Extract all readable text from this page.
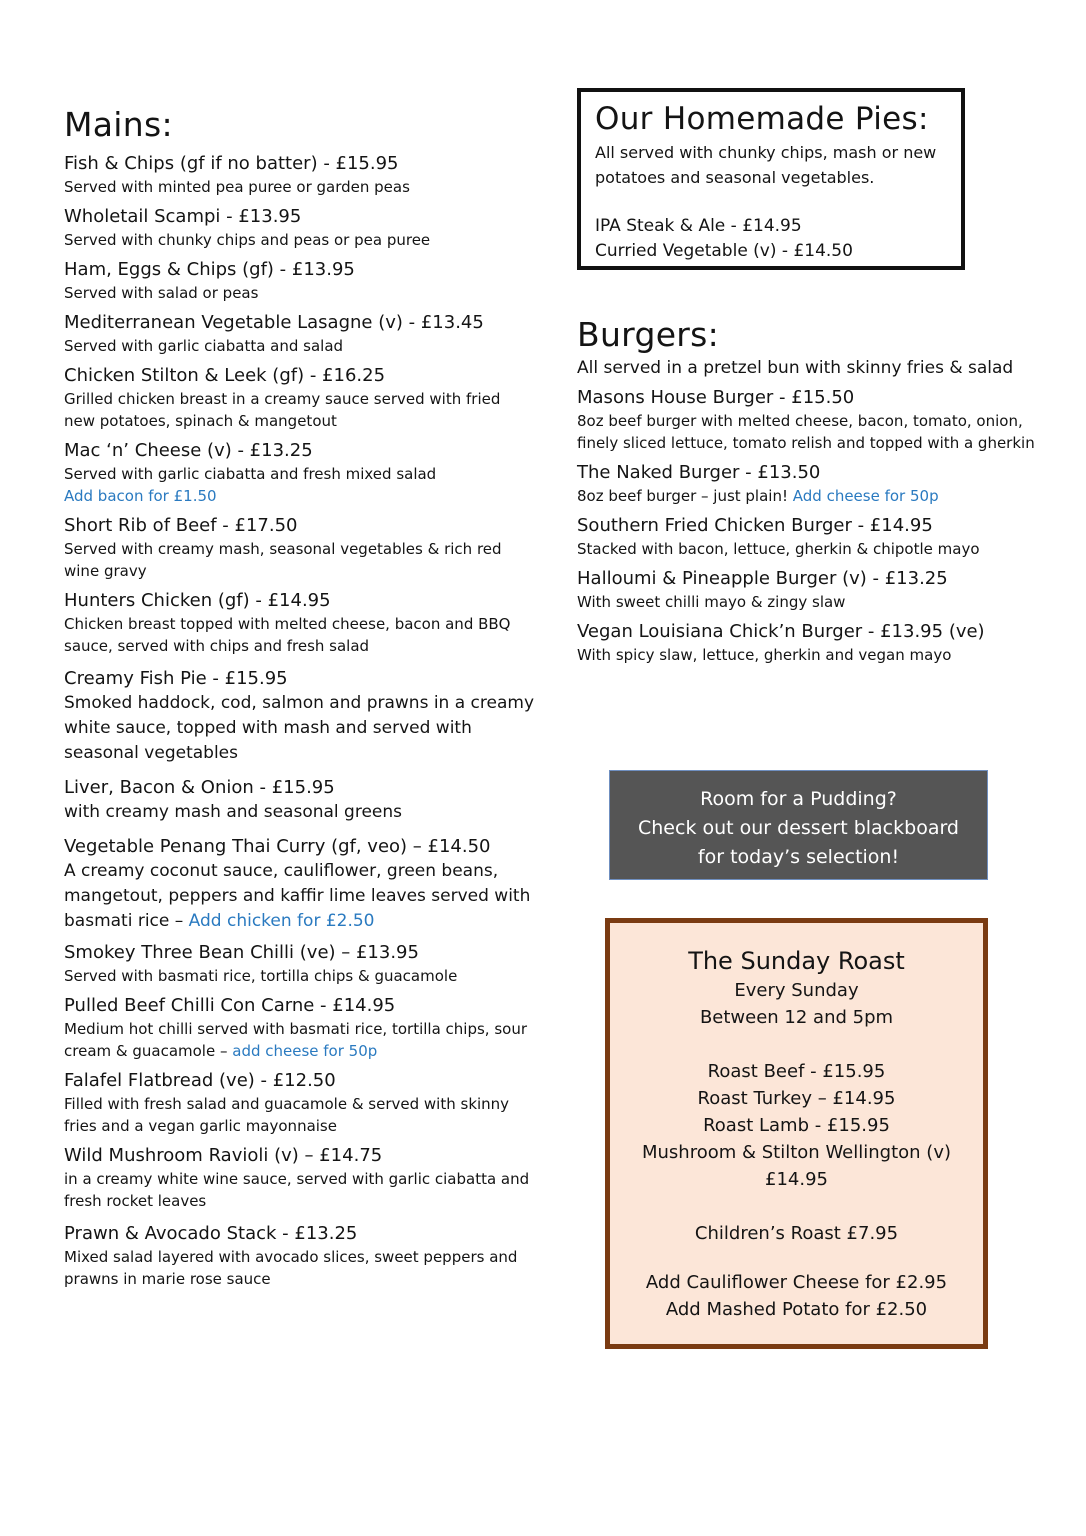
Mains:
Fish & Chips (gf if no batter) - £15.95
Served with minted pea puree or garden peas
Wholetail Scampi - £13.95
Served with chunky chips and peas or pea puree
Ham, Eggs & Chips (gf) - £13.95
Served with salad or peas
Mediterranean Vegetable Lasagne (v) - £13.45
Served with garlic ciabatta and salad
Chicken Stilton & Leek (gf) - £16.25
Grilled chicken breast in a creamy sauce served with fried new potatoes, spinach & mangetout
Mac ‘n’ Cheese (v) - £13.25
Served with garlic ciabatta and fresh mixed salad
Add bacon for £1.50
Short Rib of Beef - £17.50
Served with creamy mash, seasonal vegetables & rich red wine gravy
Hunters Chicken (gf) - £14.95
Chicken breast topped with melted cheese, bacon and BBQ sauce, served with chips and fresh salad
Creamy Fish Pie - £15.95
Smoked haddock, cod, salmon and prawns in a creamy white sauce, topped with mash and served with seasonal vegetables
Liver, Bacon & Onion - £15.95
with creamy mash and seasonal greens
Vegetable Penang Thai Curry (gf, veo) – £14.50
A creamy coconut sauce, cauliflower, green beans, mangetout, peppers and kaffir lime leaves served with basmati rice – Add chicken for £2.50
Smokey Three Bean Chilli (ve) – £13.95
Served with basmati rice, tortilla chips & guacamole
Pulled Beef Chilli Con Carne - £14.95
Medium hot chilli served with basmati rice, tortilla chips, sour cream & guacamole – add cheese for 50p
Falafel Flatbread (ve) - £12.50
Filled with fresh salad and guacamole & served with skinny fries and a vegan garlic mayonnaise
Wild Mushroom Ravioli (v) – £14.75
in a creamy white wine sauce, served with garlic ciabatta and fresh rocket leaves
Prawn & Avocado Stack - £13.25
Mixed salad layered with avocado slices, sweet peppers and prawns in marie rose sauce
Our Homemade Pies:
All served with chunky chips, mash or new potatoes and seasonal vegetables.
IPA Steak & Ale - £14.95
Curried Vegetable (v) - £14.50
Burgers:
All served in a pretzel bun with skinny fries & salad
Masons House Burger - £15.50
8oz beef burger with melted cheese, bacon, tomato, onion, finely sliced lettuce, tomato relish and topped with a gherkin
The Naked Burger - £13.50
8oz beef burger – just plain! Add cheese for 50p
Southern Fried Chicken Burger - £14.95
Stacked with bacon, lettuce, gherkin & chipotle mayo
Halloumi & Pineapple Burger (v) - £13.25
With sweet chilli mayo & zingy slaw
Vegan Louisiana Chick’n Burger - £13.95 (ve)
With spicy slaw, lettuce, gherkin and vegan mayo
Room for a Pudding?
Check out our dessert blackboard
for today’s selection!
The Sunday Roast
Every Sunday
Between 12 and 5pm
Roast Beef - £15.95
Roast Turkey – £14.95
Roast Lamb - £15.95
Mushroom & Stilton Wellington (v)
£14.95
Children’s Roast £7.95
Add Cauliflower Cheese for £2.95
Add Mashed Potato for £2.50
